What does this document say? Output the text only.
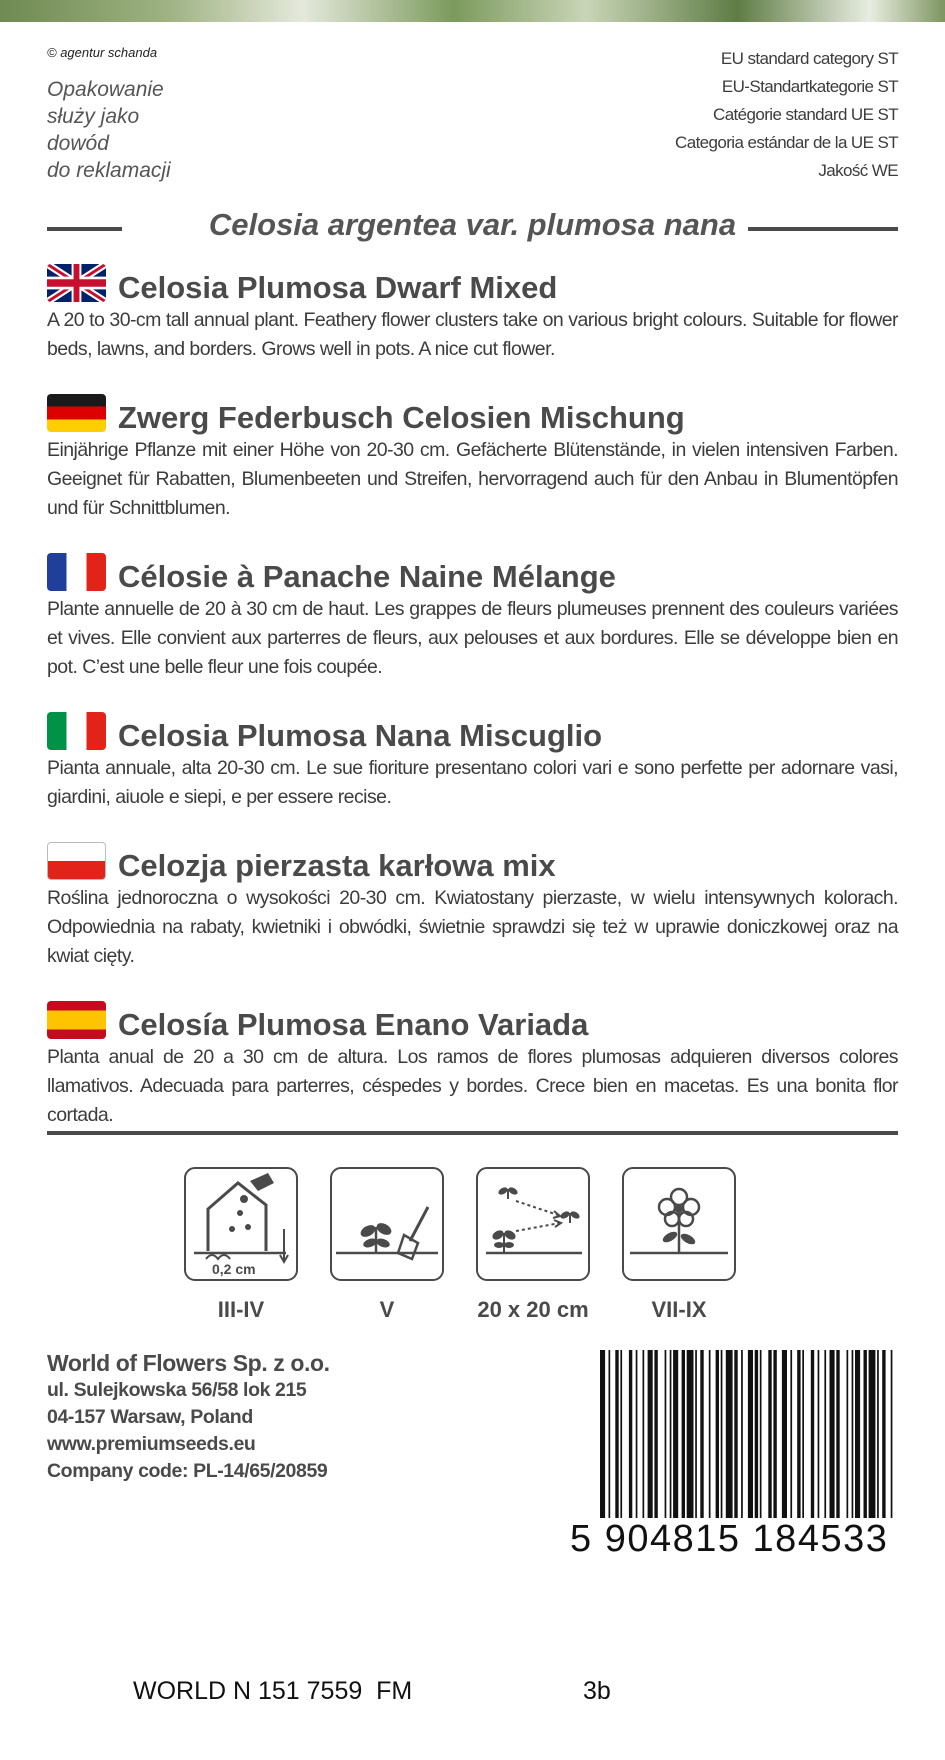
© agentur schanda
Opakowanie
służy jako
dowód
do reklamacji
EU standard category ST
EU-Standartkategorie ST
Catégorie standard UE ST
Categoria estándar de la UE ST
Jakość WE
Celosia argentea var. plumosa nana
Celosia Plumosa Dwarf Mixed

A 20 to 30-cm tall annual plant. Feathery flower clusters take on various bright colours. Suitable for flower beds, lawns, and borders. Grows well in pots. A nice cut flower.

Zwerg Federbusch Celosien Mischung

Einjährige Pflanze mit einer Höhe von 20-30 cm. Gefächerte Blütenstände, in vielen intensiven Farben. Geeignet für Rabatten, Blumenbeeten und Streifen, hervorragend auch für den Anbau in Blumentöpfen und für Schnittblumen.

Célosie à Panache Naine Mélange

Plante annuelle de 20 à 30 cm de haut. Les grappes de fleurs plumeuses prennent des couleurs variées et vives. Elle convient aux parterres de fleurs, aux pelouses et aux bordures. Elle se développe bien en pot. C’est une belle fleur une fois coupée.

Celosia Plumosa Nana Miscuglio

Pianta annuale, alta 20-30 cm. Le sue fioriture presentano colori vari e sono perfette per adornare vasi, giardini, aiuole e siepi, e per essere recise.

Celozja pierzasta karłowa mix

Roślina jednoroczna o wysokości 20-30 cm. Kwiatostany pierzaste, w wielu intensywnych kolorach. Odpowiednia na rabaty, kwietniki i obwódki, świetnie sprawdzi się też w uprawie doniczkowej oraz na kwiat cięty.

Celosía Plumosa Enano Variada

Planta anual de 20 a 30 cm de altura. Los ramos de flores plumosas adquieren diversos colores llamativos. Adecuada para parterres, céspedes y bordes. Crece bien en macetas. Es una bonita flor cortada.

0,2 cm
III-IV	V	20 x 20 cm	VII-IX
World of Flowers Sp. z o.o.
ul. Sulejkowska 56/58 lok 215
04-157 Warsaw, Poland
www.premiumseeds.eu
Company code: PL-14/65/20859
5 904815 184533
WORLD N 151 7559  FM	3b
